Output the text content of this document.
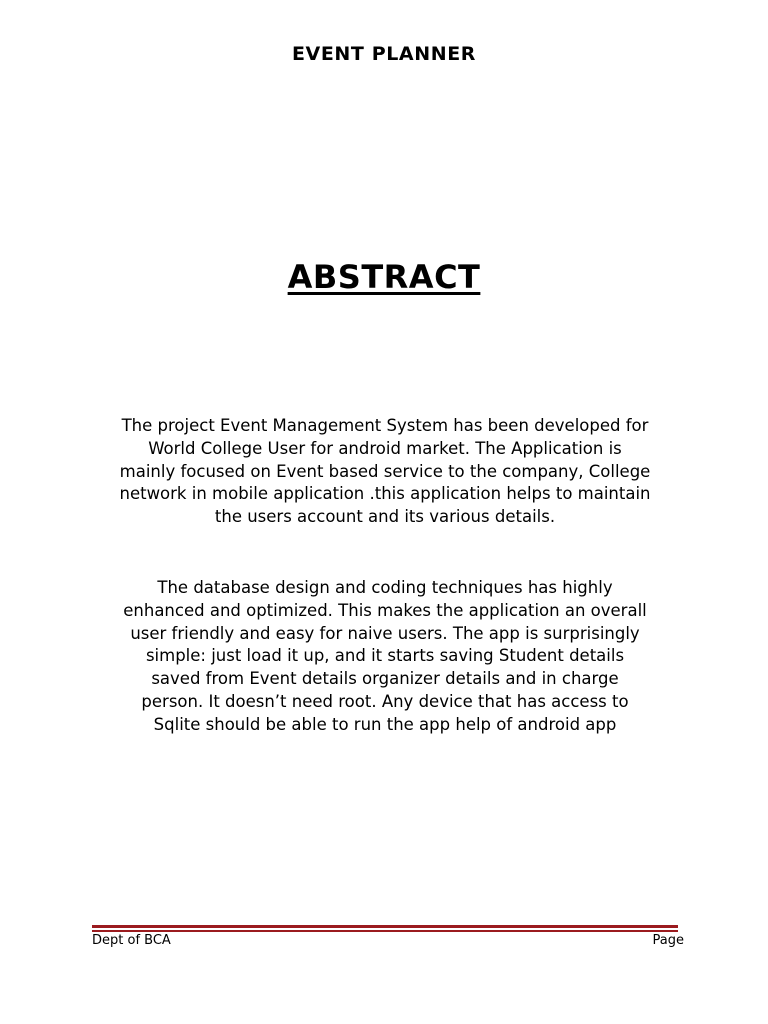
EVENT PLANNER
ABSTRACT

The project Event Management System has been developed for

World College User for android market. The Application is

mainly focused on Event based service to the company, College

network in mobile application .this application helps to maintain

the users account and its various details.

The database design and coding techniques has highly

enhanced and optimized. This makes the application an overall

user friendly and easy for naive users. The app is surprisingly

simple: just load it up, and it starts saving Student details

saved from Event details organizer details and in charge

person. It doesn’t need root. Any device that has access to

Sqlite should be able to run the app help of android app

Dept of BCA	Page
